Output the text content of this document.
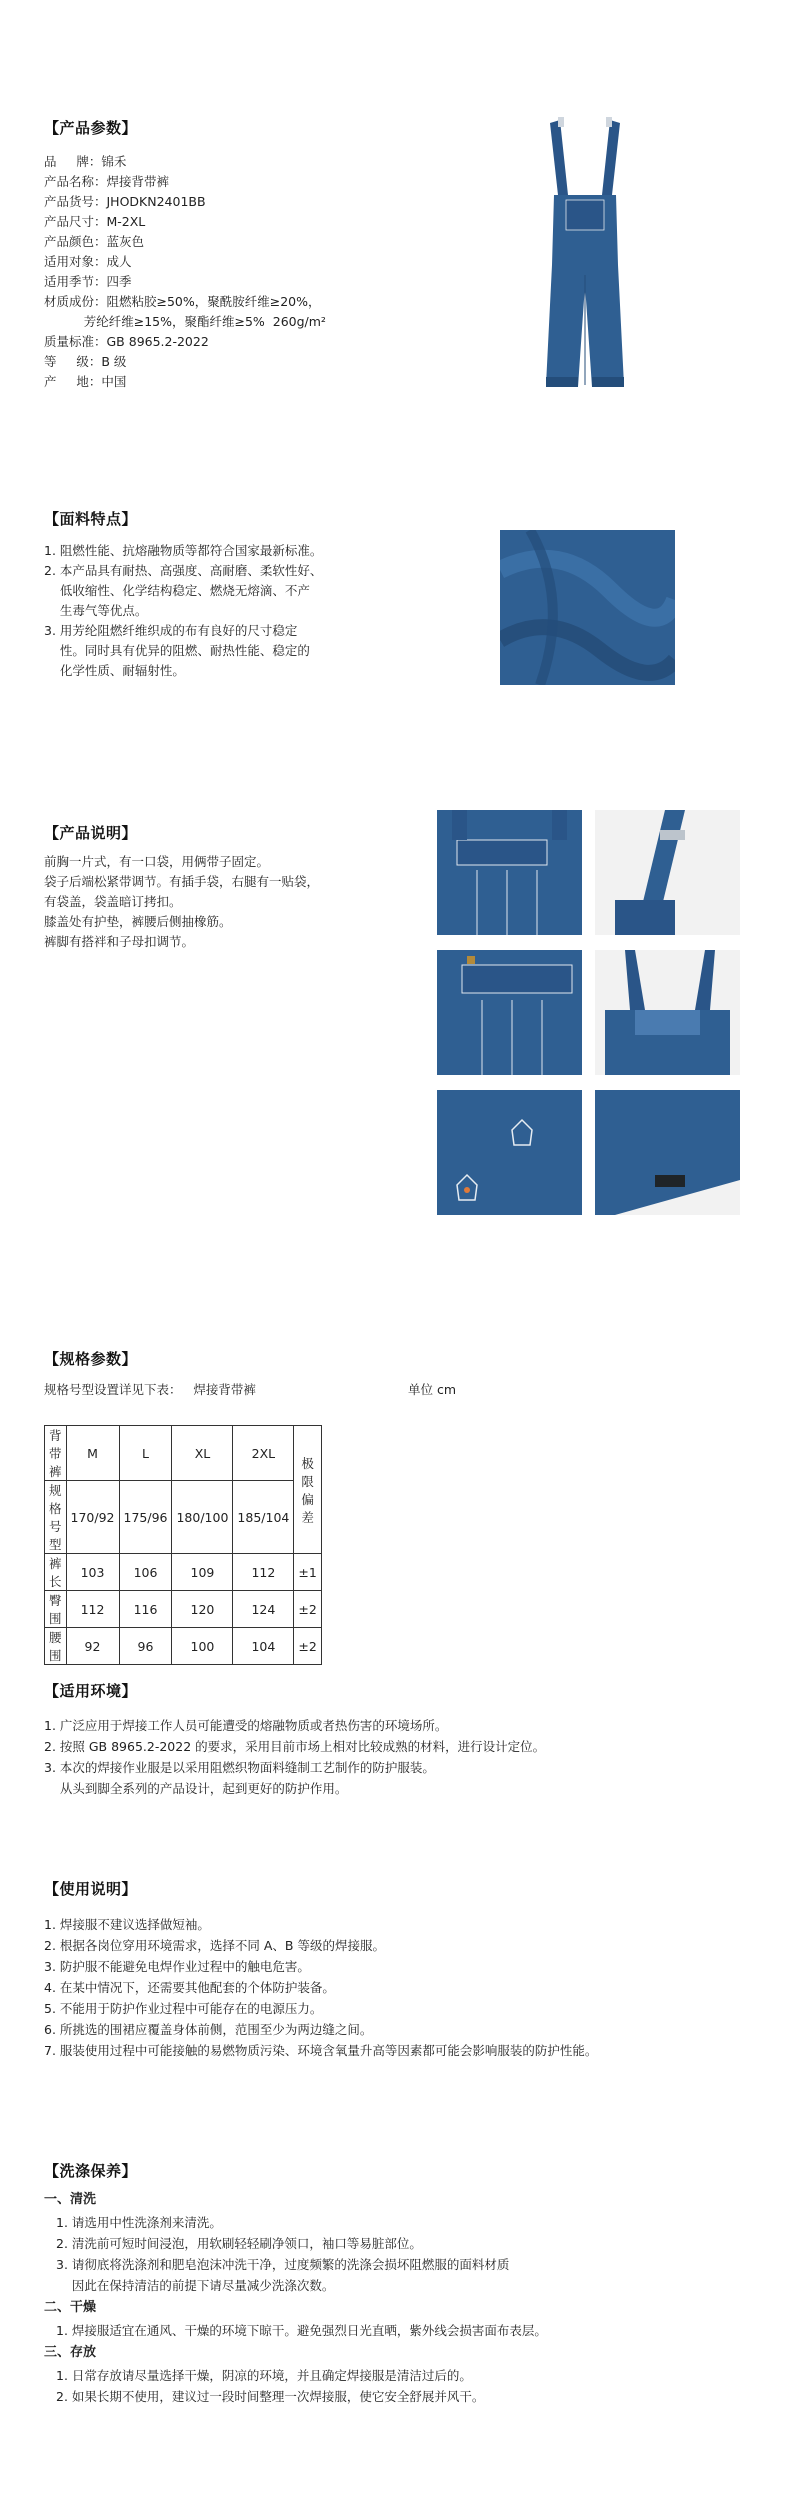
【产品参数】
品     牌：锦禾
产品名称：焊接背带裤
产品货号：JHODKN2401BB
产品尺寸：M-2XL
产品颜色：蓝灰色
适用对象：成人
适用季节：四季
材质成份：阻燃粘胶≥50%，聚酰胺纤维≥20%，
芳纶纤维≥15%，聚酯纤维≥5%  260g/m²
质量标准：GB 8965.2-2022
等     级：B 级
产     地：中国
【面料特点】
1. 阻燃性能、抗熔融物质等都符合国家最新标准。
2. 本产品具有耐热、高强度、高耐磨、柔软性好、
低收缩性、化学结构稳定、燃烧无熔滴、不产
生毒气等优点。
3. 用芳纶阻燃纤维织成的布有良好的尺寸稳定
性。同时具有优异的阻燃、耐热性能、稳定的
化学性质、耐辐射性。
【产品说明】
前胸一片式，有一口袋，用俩带子固定。
袋子后端松紧带调节。有插手袋，右腿有一贴袋，
有袋盖，袋盖暗订拷扣。
膝盖处有护垫，裤腰后侧抽橡筋。
裤脚有搭袢和子母扣调节。
【规格参数】
规格号型设置详见下表：   焊接背带裤	单位 cm
背带裤	M	L	XL	2XL	极限偏差
规格号型	170/92	175/96	180/100	185/104	
裤长	103	106	109	112	±1
臀围	112	116	120	124	±2
腰围	92	96	100	104	±2
【适用环境】
1. 广泛应用于焊接工作人员可能遭受的熔融物质或者热伤害的环境场所。
2. 按照 GB 8965.2-2022 的要求，采用目前市场上相对比较成熟的材料，进行设计定位。
3. 本次的焊接作业服是以采用阻燃织物面料缝制工艺制作的防护服装。
从头到脚全系列的产品设计，起到更好的防护作用。
【使用说明】
1. 焊接服不建议选择做短袖。
2. 根据各岗位穿用环境需求，选择不同 A、B 等级的焊接服。
3. 防护服不能避免电焊作业过程中的触电危害。
4. 在某中情况下，还需要其他配套的个体防护装备。
5. 不能用于防护作业过程中可能存在的电源压力。
6. 所挑选的围裙应覆盖身体前侧，范围至少为两边缝之间。
7. 服装使用过程中可能接触的易燃物质污染、环境含氧量升高等因素都可能会影响服装的防护性能。
【洗涤保养】
一、清洗
1. 请选用中性洗涤剂来清洗。
2. 清洗前可短时间浸泡，用软刷轻轻刷净领口，袖口等易脏部位。
3. 请彻底将洗涤剂和肥皂泡沫冲洗干净，过度频繁的洗涤会损坏阻燃服的面料材质
因此在保持清洁的前提下请尽量减少洗涤次数。
二、干燥
1. 焊接服适宜在通风、干燥的环境下晾干。避免强烈日光直晒，紫外线会损害面布表层。
三、存放
1. 日常存放请尽量选择干燥，阴凉的环境，并且确定焊接服是清洁过后的。
2. 如果长期不使用，建议过一段时间整理一次焊接服，使它安全舒展并风干。
